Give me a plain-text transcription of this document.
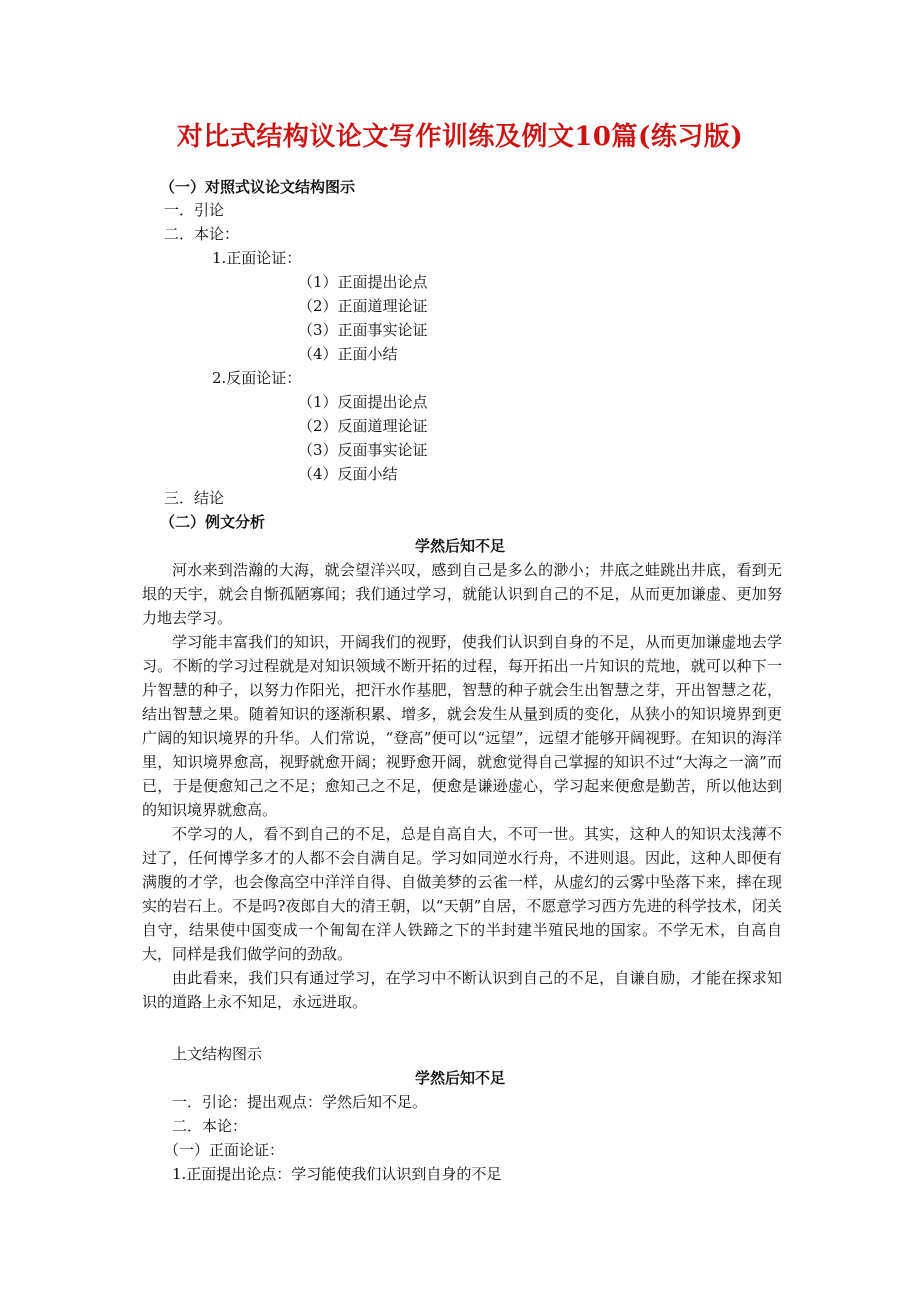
对比式结构议论文写作训练及例文10篇(练习版)
（一）对照式议论文结构图示
一．引论
二．本论：
1.正面论证：
（1）正面提出论点
（2）正面道理论证
（3）正面事实论证
（4）正面小结
2.反面论证：
（1）反面提出论点
（2）反面道理论证
（3）反面事实论证
（4）反面小结
三．结论
（二）例文分析
学然后知不足
河水来到浩瀚的大海，就会望洋兴叹，感到自己是多么的渺小；井底之蛙跳出井底，看到无垠的天宇，就会自惭孤陋寡闻；我们通过学习，就能认识到自己的不足，从而更加谦虚、更加努力地去学习。
学习能丰富我们的知识，开阔我们的视野，使我们认识到自身的不足，从而更加谦虚地去学习。不断的学习过程就是对知识领域不断开拓的过程，每开拓出一片知识的荒地，就可以种下一片智慧的种子，以努力作阳光，把汗水作基肥，智慧的种子就会生出智慧之芽，开出智慧之花，结出智慧之果。随着知识的逐渐积累、增多，就会发生从量到质的变化，从狭小的知识境界到更广阔的知识境界的升华。人们常说，“登高”便可以“远望”，远望才能够开阔视野。在知识的海洋里，知识境界愈高，视野就愈开阔；视野愈开阔，就愈觉得自己掌握的知识不过“大海之一滴”而已，于是便愈知己之不足；愈知己之不足，便愈是谦逊虚心，学习起来便愈是勤苦，所以他达到的知识境界就愈高。
不学习的人，看不到自己的不足，总是自高自大，不可一世。其实，这种人的知识太浅薄不过了，任何博学多才的人都不会自满自足。学习如同逆水行舟，不进则退。因此，这种人即便有满腹的才学，也会像高空中洋洋自得、自做美梦的云雀一样，从虚幻的云雾中坠落下来，摔在现实的岩石上。不是吗?夜郎自大的清王朝，以“天朝”自居，不愿意学习西方先进的科学技术，闭关自守，结果使中国变成一个匍匐在洋人铁蹄之下的半封建半殖民地的国家。不学无术，自高自大，同样是我们做学问的劲敌。
由此看来，我们只有通过学习，在学习中不断认识到自己的不足，自谦自励，才能在探求知识的道路上永不知足，永远进取。
上文结构图示
学然后知不足
一．引论：提出观点：学然后知不足。
二．本论：
（一）正面论证：
1.正面提出论点：学习能使我们认识到自身的不足
